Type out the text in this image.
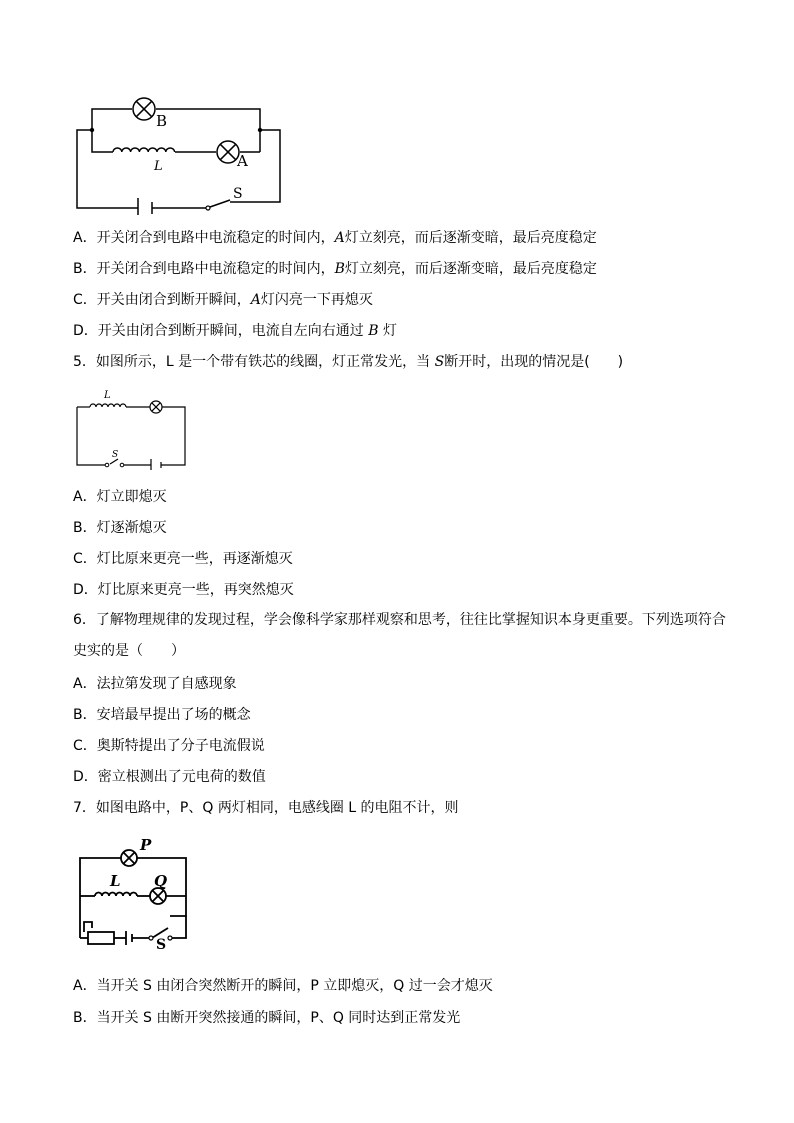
B
A
L
S
A．开关闭合到电路中电流稳定的时间内，A灯立刻亮，而后逐渐变暗，最后亮度稳定
B．开关闭合到电路中电流稳定的时间内，B灯立刻亮，而后逐渐变暗，最后亮度稳定
C．开关由闭合到断开瞬间，A灯闪亮一下再熄灭
D．开关由闭合到断开瞬间，电流自左向右通过 B 灯
5．如图所示，L 是一个带有铁芯的线圈，灯正常发光，当 S断开时，出现的情况是(　　)
L
S
A．灯立即熄灭
B．灯逐渐熄灭
C．灯比原来更亮一些，再逐渐熄灭
D．灯比原来更亮一些，再突然熄灭
6．了解物理规律的发现过程，学会像科学家那样观察和思考，往往比掌握知识本身更重要。下列选项符合史实的是（　　）
A．法拉第发现了自感现象
B．安培最早提出了场的概念
C．奥斯特提出了分子电流假说
D．密立根测出了元电荷的数值
7．如图电路中，P、Q 两灯相同，电感线圈 L 的电阻不计，则
P
L Q
S
A．当开关 S 由闭合突然断开的瞬间，P 立即熄灭，Q 过一会才熄灭
B．当开关 S 由断开突然接通的瞬间，P、Q 同时达到正常发光
